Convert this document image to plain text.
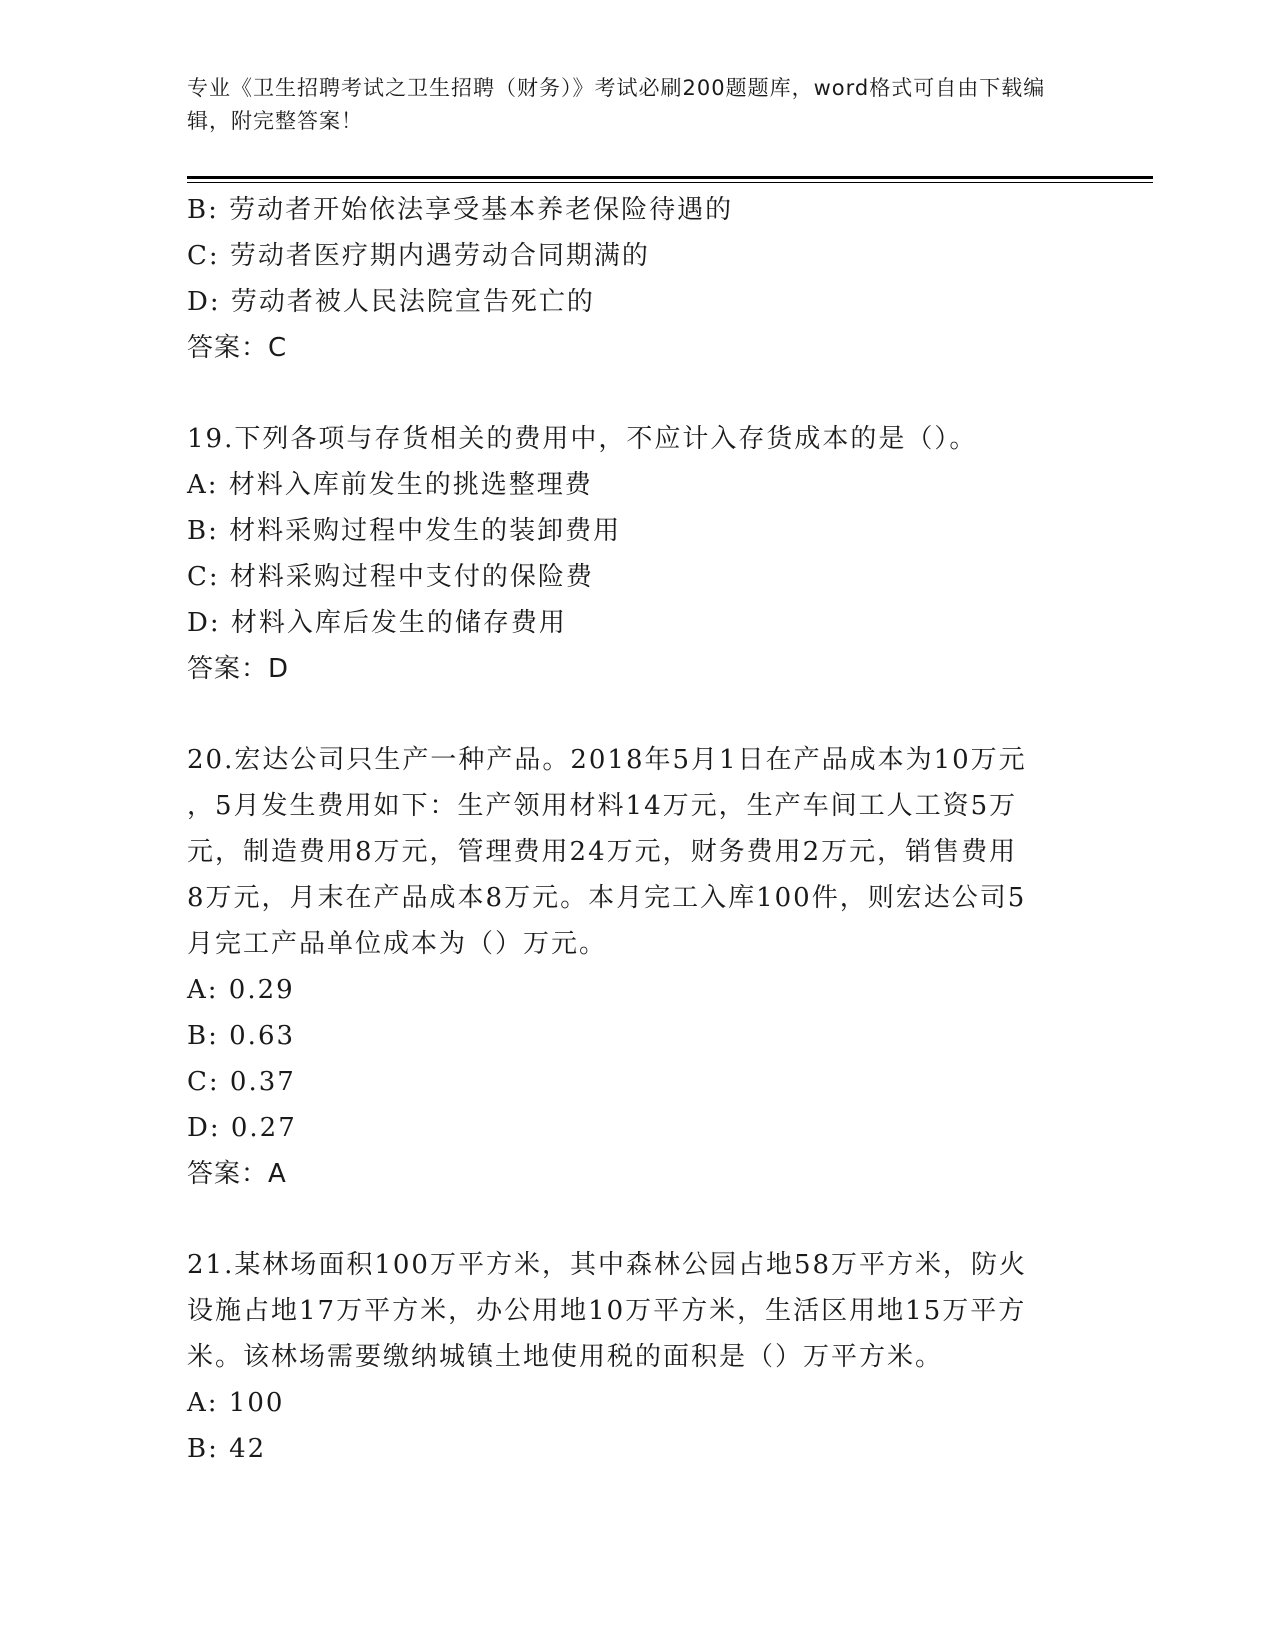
专业《卫生招聘考试之卫生招聘（财务）》考试必刷200题题库，word格式可自由下载编辑，附完整答案！
B: 劳动者开始依法享受基本养老保险待遇的
C: 劳动者医疗期内遇劳动合同期满的
D: 劳动者被人民法院宣告死亡的
答案：C
19.下列各项与存货相关的费用中，不应计入存货成本的是（）。
A: 材料入库前发生的挑选整理费
B: 材料采购过程中发生的装卸费用
C: 材料采购过程中支付的保险费
D: 材料入库后发生的储存费用
答案：D
20.宏达公司只生产一种产品。2018年5月1日在产品成本为10万元
，5月发生费用如下：生产领用材料14万元，生产车间工人工资5万
元，制造费用8万元，管理费用24万元，财务费用2万元，销售费用
8万元，月末在产品成本8万元。本月完工入库100件，则宏达公司5
月完工产品单位成本为（）万元。
A: 0.29
B: 0.63
C: 0.37
D: 0.27
答案：A
21.某林场面积100万平方米，其中森林公园占地58万平方米，防火
设施占地17万平方米，办公用地10万平方米，生活区用地15万平方
米。该林场需要缴纳城镇土地使用税的面积是（）万平方米。
A: 100
B: 42
